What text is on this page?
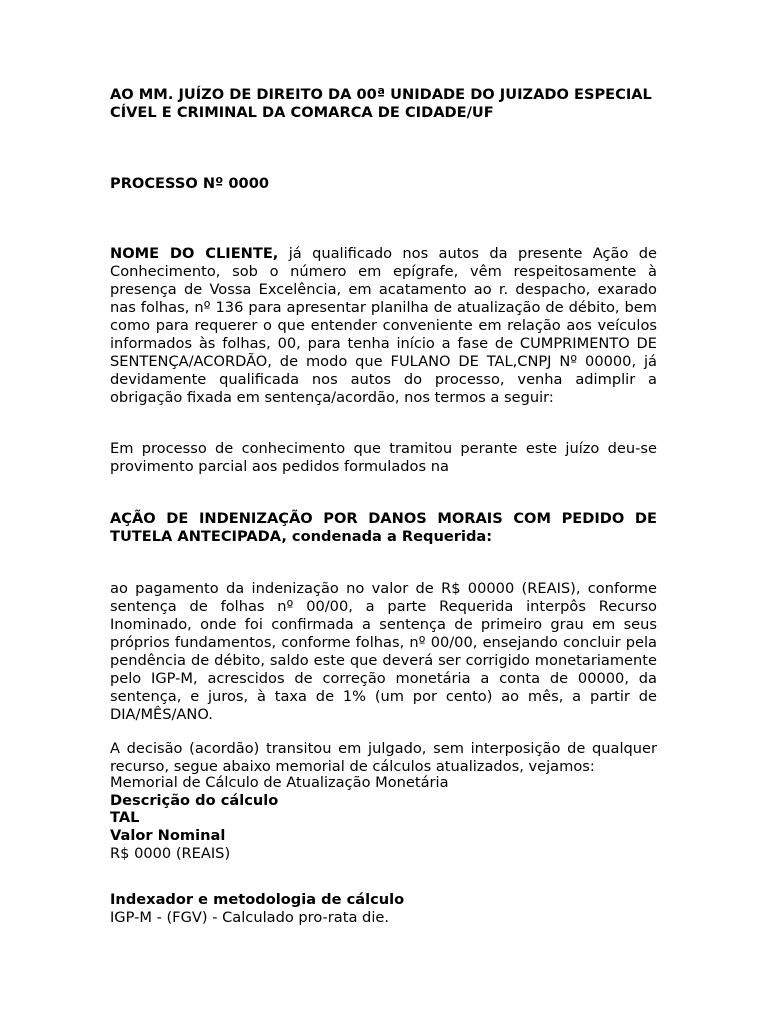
AO MM. JUÍZO DE DIREITO DA 00ª UNIDADE DO JUIZADO ESPECIAL
CÍVEL E CRIMINAL DA COMARCA DE CIDADE/UF
PROCESSO Nº 0000
NOME DO CLIENTE, já qualificado nos autos da presente Ação de Conhecimento, sob o número em epígrafe, vêm respeitosamente à presença de Vossa Excelência, em acatamento ao r. despacho, exarado nas folhas, nº 136 para apresentar planilha de atualização de débito, bem como para requerer o que entender conveniente em relação aos veículos informados às folhas, 00, para tenha início a fase de CUMPRIMENTO DE SENTENÇA/ACORDÃO, de modo que FULANO DE TAL,CNPJ Nº 00000, já devidamente qualificada nos autos do processo, venha adimplir a obrigação fixada em sentença/acordão, nos termos a seguir:
Em processo de conhecimento que tramitou perante este juízo deu-se provimento parcial aos pedidos formulados na
AÇÃO DE INDENIZAÇÃO POR DANOS MORAIS COM PEDIDO DE TUTELA ANTECIPADA, condenada a Requerida:
ao pagamento da indenização no valor de R$ 00000 (REAIS), conforme sentença de folhas nº 00/00, a parte Requerida interpôs Recurso Inominado, onde foi confirmada a sentença de primeiro grau em seus próprios fundamentos, conforme folhas, nº 00/00, ensejando concluir pela pendência de débito, saldo este que deverá ser corrigido monetariamente pelo IGP-M, acrescidos de correção monetária a conta de 00000, da sentença, e juros, à taxa de 1% (um por cento) ao mês, a partir de DIA/MÊS/ANO.
A decisão (acordão) transitou em julgado, sem interposição de qualquer recurso, segue abaixo memorial de cálculos atualizados, vejamos:
Memorial de Cálculo de Atualização Monetária
Descrição do cálculo
TAL
Valor Nominal
R$ 0000 (REAIS)
Indexador e metodologia de cálculo
IGP-M - (FGV) - Calculado pro-rata die.
